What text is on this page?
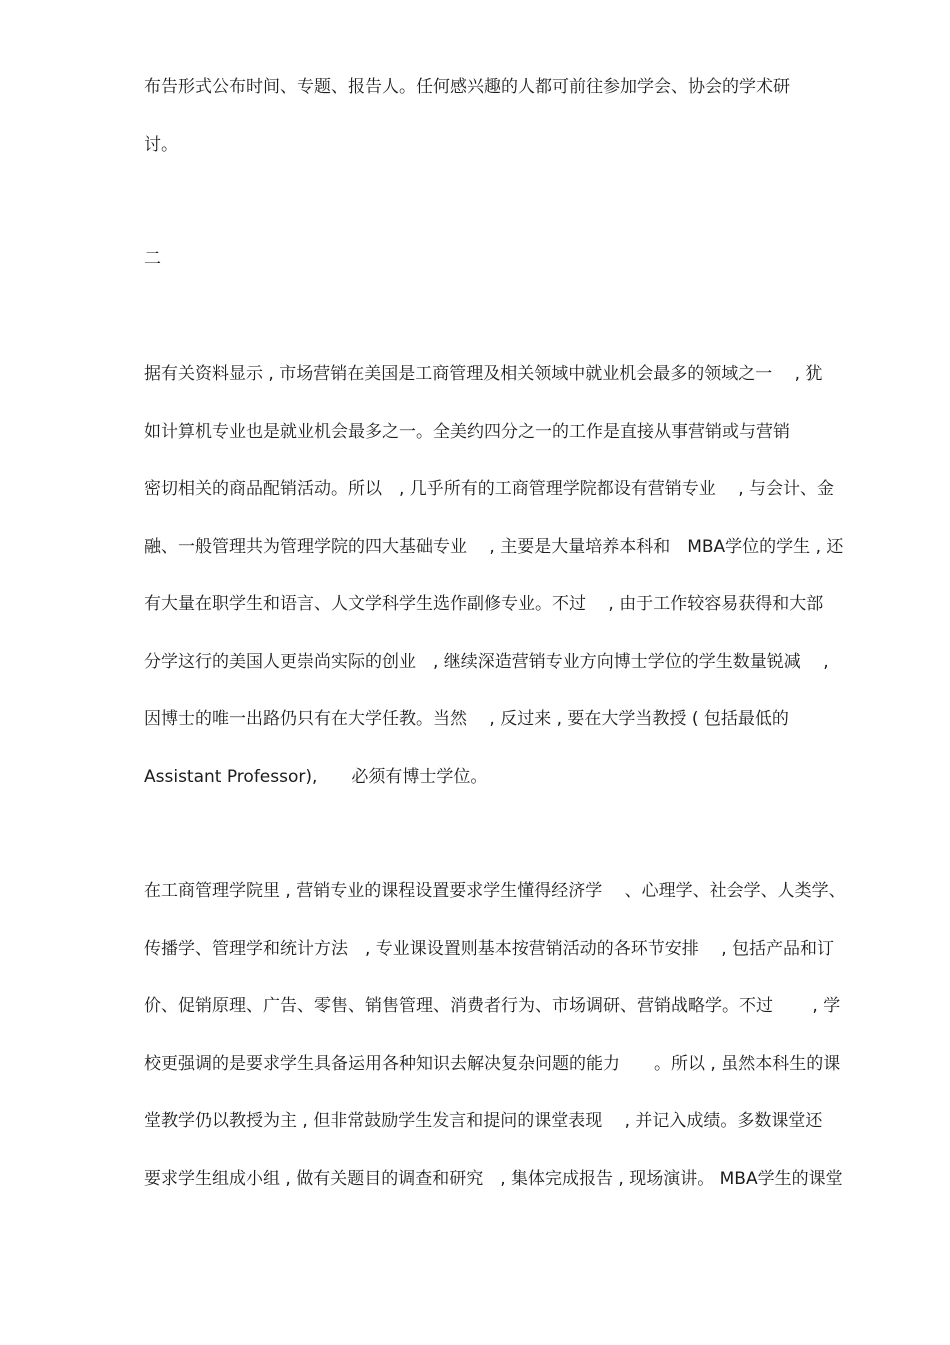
布告形式公布时间、专题、报告人。任何感兴趣的人都可前往参加学会、协会的学术研
讨。
二
据有关资料显示 , 市场营销在美国是工商管理及相关领域中就业机会最多的领域之一　 , 犹
如计算机专业也是就业机会最多之一。全美约四分之一的工作是直接从事营销或与营销
密切相关的商品配销活动。所以　, 几乎所有的工商管理学院都设有营销专业　 , 与会计、金
融、一般管理共为管理学院的四大基础专业　 , 主要是大量培养本科和　MBA学位的学生 , 还
有大量在职学生和语言、人文学科学生选作副修专业。不过　 , 由于工作较容易获得和大部
分学这行的美国人更崇尚实际的创业　, 继续深造营销专业方向博士学位的学生数量锐减　 ,
因博士的唯一出路仍只有在大学任教。当然　 , 反过来 , 要在大学当教授 ( 包括最低的
Assistant Professor),　　必须有博士学位。
在工商管理学院里 , 营销专业的课程设置要求学生懂得经济学　 、心理学、社会学、人类学、
传播学、管理学和统计方法　, 专业课设置则基本按营销活动的各环节安排　 , 包括产品和订
价、促销原理、广告、零售、销售管理、消费者行为、市场调研、营销战略学。不过　　 , 学
校更强调的是要求学生具备运用各种知识去解决复杂问题的能力　　。所以 , 虽然本科生的课
堂教学仍以教授为主 , 但非常鼓励学生发言和提问的课堂表现　 , 并记入成绩。多数课堂还
要求学生组成小组 , 做有关题目的调查和研究　, 集体完成报告 , 现场演讲。 MBA学生的课堂
